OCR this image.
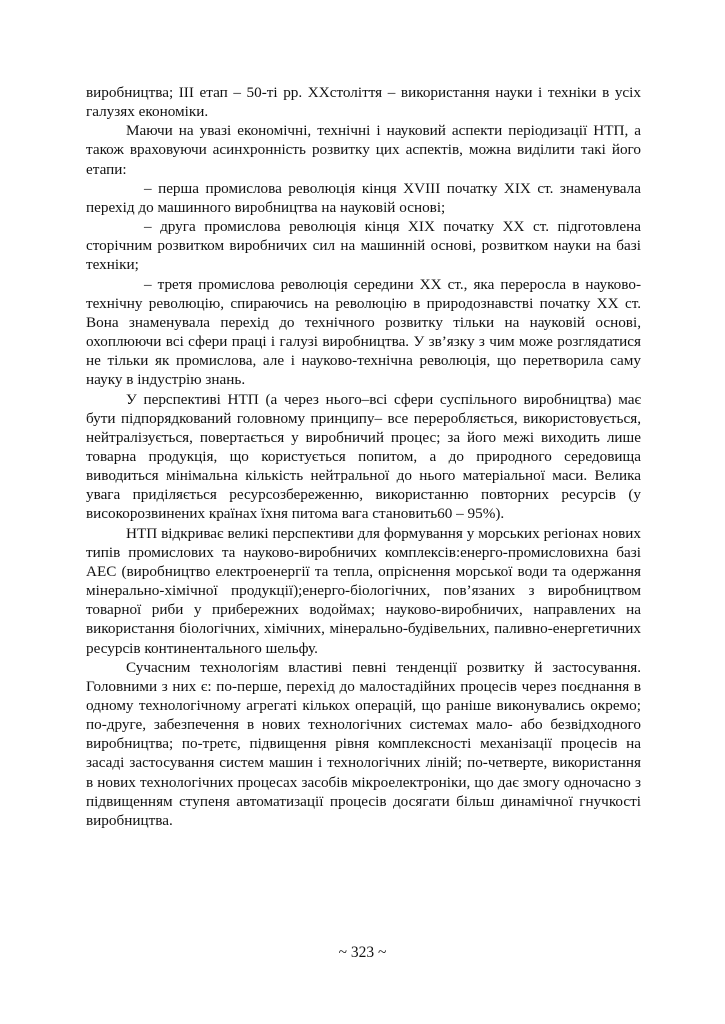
виробництва; ІІІ етап – 50-ті рр. ХХстоліття – використання науки і техніки в усіх галузях економіки.

Маючи на увазі економічні, технічні і науковий аспекти періодизації НТП, а також враховуючи асинхронність розвитку цих аспектів, можна виділити такі його етапи:

– перша промислова революція кінця XVIII початку ХІХ ст. знаменувала перехід до машинного виробництва на науковій основі;

– друга промислова революція кінця ХІХ початку ХХ ст. підготовлена сторічним розвитком виробничих сил на машинній основі, розвитком науки на базі техніки;

– третя промислова революція середини ХХ ст., яка переросла в науково-технічну революцію, спираючись на революцію в природознавстві початку ХХ ст. Вона знаменувала перехід до технічного розвитку тільки на науковій основі, охоплюючи всі сфери праці і галузі виробництва. У зв’язку з чим може розглядатися не тільки як промислова, але і науково-технічна революція, що перетворила саму науку в індустрію знань.

У перспективі НТП (а через нього–всі сфери суспільного виробництва) має бути підпорядкований головному принципу– все переробляється, використовується, нейтралізується, повертається у виробничий процес; за його межі виходить лише товарна продукція, що користується попитом, а до природного середовища виводиться мінімальна кількість нейтральної до нього матеріальної маси. Велика увага приділяється ресурсозбереженню, використанню повторних ресурсів (у високорозвинених країнах їхня питома вага становить60 – 95%).

НТП відкриває великі перспективи для формування у морських регіонах нових типів промислових та науково-виробничих комплексів:енерго-промисловихна базі АЕС (виробництво електроенергії та тепла, опріснення морської води та одержання мінерально-хімічної продукції);енерго-біологічних, пов’язаних з виробництвом товарної риби у прибережних водоймах; науково-виробничих, направлених на використання біологічних, хімічних, мінерально-будівельних, паливно-енергетичних ресурсів континентального шельфу.

Сучасним технологіям властиві певні тенденції розвитку й застосування. Головними з них є: по-перше, перехід до малостадійних процесів через поєднання в одному технологічному агрегаті кількох операцій, що раніше виконувались окремо; по-друге, забезпечення в нових технологічних системах мало- або безвідходного виробництва; по-третє, підвищення рівня комплексності механізації процесів на засаді застосування систем машин і технологічних ліній; по-четверте, використання в нових технологічних процесах засобів мікроелектроніки, що дає змогу одночасно з підвищенням ступеня автоматизації процесів досягати більш динамічної гнучкості виробництва.

~ 323 ~
